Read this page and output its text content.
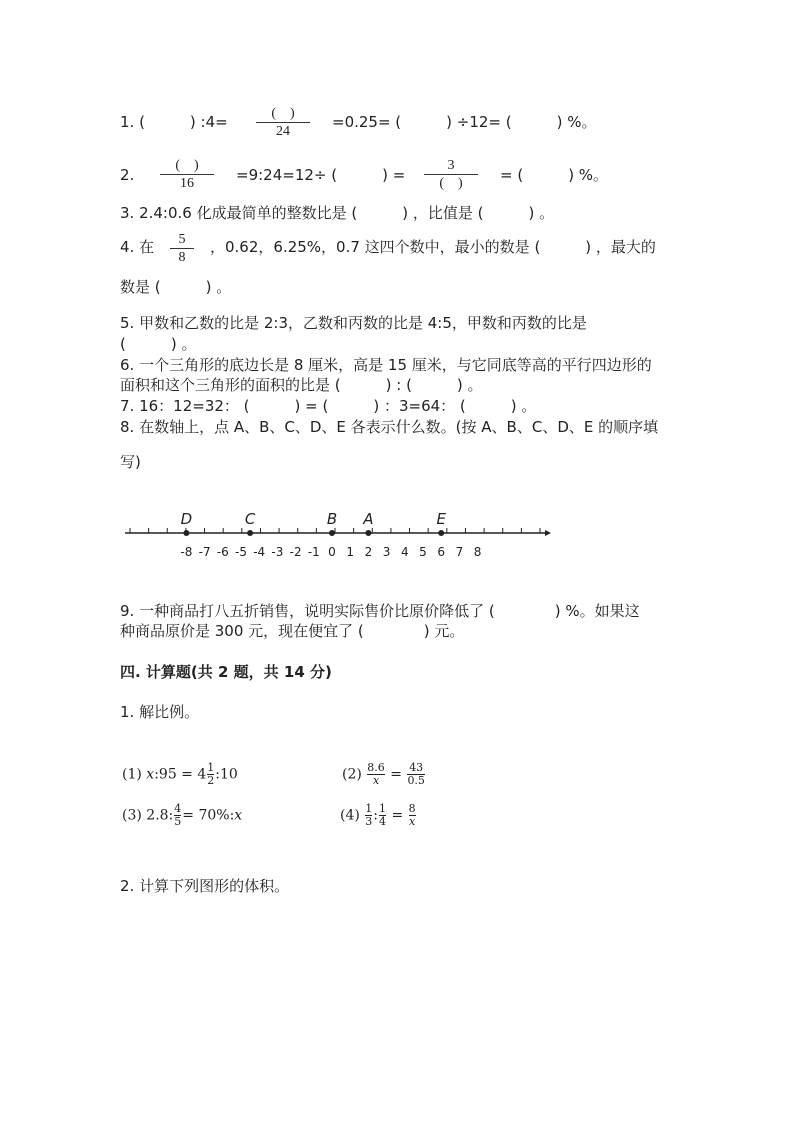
1. (　　　) :4=	(　)
24
=0.25= (　　　) ÷12= (　　　) %。
2.
(　)
16	=9:24=12÷ (　　　) =
3
(　) = (　　　) %。
3. 2.4:0.6 化成最简单的整数比是 (　　　) ，比值是 (　　　) 。
4. 在 5
8
，0.62，6.25%，0.7 这四个数中，最小的数是 (　　　) ，最大的
数是 (　　　) 。
5. 甲数和乙数的比是 2:3，乙数和丙数的比是 4:5，甲数和丙数的比是
(　　　) 。
6. 一个三角形的底边长是 8 厘米，高是 15 厘米，与它同底等高的平行四边形的
面积和这个三角形的面积的比是 (　　　) : (　　　) 。
7. 16：12=32： (　　　) = (　　　) ：3=64： (　　　) 。
8. 在数轴上，点 A、B、C、D、E 各表示什么数。(按 A、B、C、D、E 的顺序填
写)
-8 -7 -6 -5 -4 -3 -2 -1 0 1 2 3 4 5 6 7 8
D	C	B A	E
9. 一种商品打八五折销售，说明实际售价比原价降低了 (　　　　) %。如果这
种商品原价是 300 元，现在便宜了 (　　　　) 元。
四. 计算题(共 2 题，共 14 分)
1. 解比例。
(1) x:95 = $4 \frac{1}{2}$ :10	$(2) \frac{8.6}{x} = \frac{43}{0.5}$
(3) 2.8: $\frac{4}{5}$ = 70%:x	$(4) \frac{1}{3}$ : $\frac{1}{4} = \frac{8}{x}$
2. 计算下列图形的体积。
